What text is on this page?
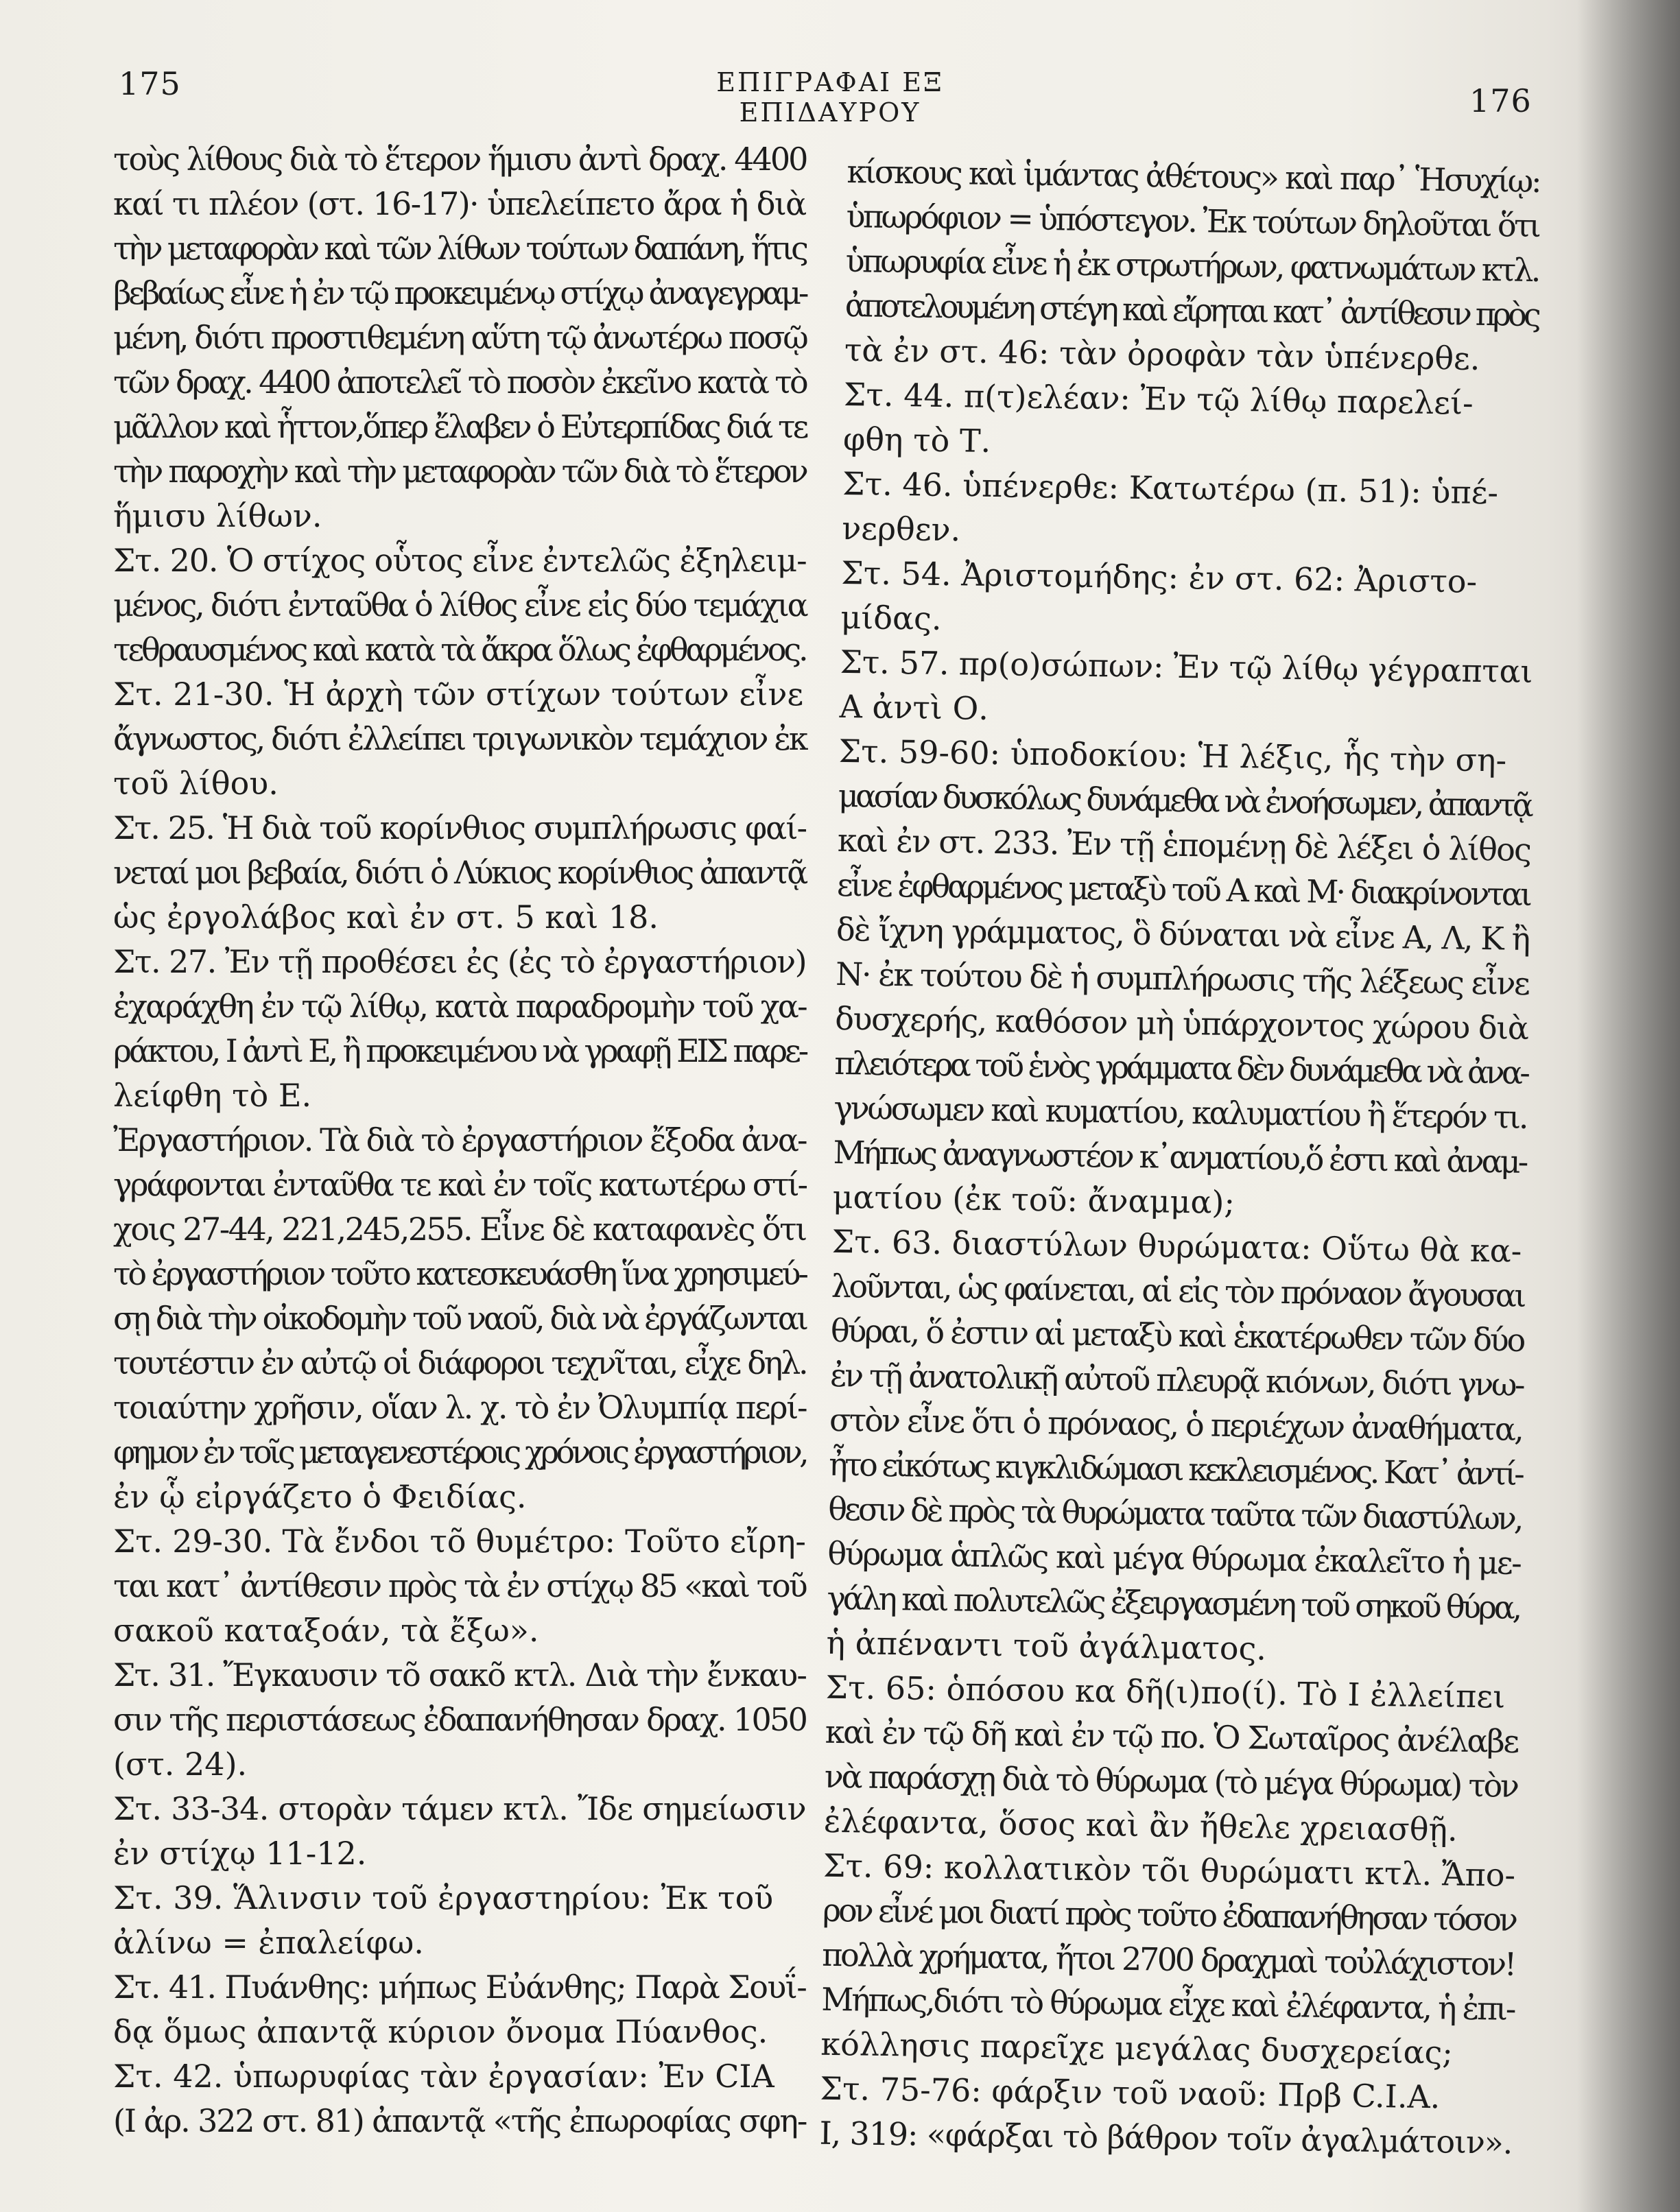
175	ΕΠΙΓΡΑΦΑΙ ΕΞ ΕΠΙΔΑΥΡΟΥ	176
τοὺς λίθους διὰ τὸ ἕτερον ἥμισυ ἀντὶ δραχ. 4400
καί τι πλέον (στ. 16-17)· ὑπελείπετο ἄρα ἡ διὰ
τὴν μεταφορὰν καὶ τῶν λίθων τούτων δαπάνη, ἥτις
βεβαίως εἶνε ἡ ἐν τῷ προκειμένῳ στίχῳ ἀναγεγραμ-
μένη, διότι προστιθεμένη αὕτη τῷ ἀνωτέρω ποσῷ
τῶν δραχ. 4400 ἀποτελεῖ τὸ ποσὸν ἐκεῖνο κατὰ τὸ
μᾶλλον καὶ ἧττον,ὅπερ ἔλαβεν ὁ Εὐτερπίδας διά τε
τὴν παροχὴν καὶ τὴν μεταφορὰν τῶν διὰ τὸ ἕτερον
ἥμισυ λίθων.
Στ. 20. Ὁ στίχος οὗτος εἶνε ἐντελῶς ἐξηλειμ-
μένος, διότι ἐνταῦθα ὁ λίθος εἶνε εἰς δύο τεμάχια
τεθραυσμένος καὶ κατὰ τὰ ἄκρα ὅλως ἐφθαρμένος.
Στ. 21-30. Ἡ ἀρχὴ τῶν στίχων τούτων εἶνε
ἄγνωστος, διότι ἐλλείπει τριγωνικὸν τεμάχιον ἐκ
τοῦ λίθου.
Στ. 25. Ἡ διὰ τοῦ κορίνθιος συμπλήρωσις φαί-
νεταί μοι βεβαία, διότι ὁ Λύκιος κορίνθιος ἀπαντᾷ
ὡς ἐργολάβος καὶ ἐν στ. 5 καὶ 18.
Στ. 27. Ἐν τῇ προθέσει ἐς (ἐς τὸ ἐργαστήριον)
ἐχαράχθη ἐν τῷ λίθῳ, κατὰ παραδρομὴν τοῦ χα-
ράκτου, Ι ἀντὶ Ε, ἢ προκειμένου νὰ γραφῇ ΕΙΣ παρε-
λείφθη τὸ Ε.
Ἐργαστήριον. Τὰ διὰ τὸ ἐργαστήριον ἔξοδα ἀνα-
γράφονται ἐνταῦθα τε καὶ ἐν τοῖς κατωτέρω στί-
χοις 27-44, 221,245,255. Εἶνε δὲ καταφανὲς ὅτι
τὸ ἐργαστήριον τοῦτο κατεσκευάσθη ἵνα χρησιμεύ-
σῃ διὰ τὴν οἰκοδομὴν τοῦ ναοῦ, διὰ νὰ ἐργάζωνται
τουτέστιν ἐν αὐτῷ οἱ διάφοροι τεχνῖται, εἶχε δηλ.
τοιαύτην χρῆσιν, οἵαν λ. χ. τὸ ἐν Ὀλυμπίᾳ περί-
φημον ἐν τοῖς μεταγενεστέροις χρόνοις ἐργαστήριον,
ἐν ᾧ εἰργάζετο ὁ Φειδίας.
Στ. 29-30. Τὰ ἔνδοι τõ θυμέτρο: Τοῦτο εἴρη-
ται κατ᾽ ἀντίθεσιν πρὸς τὰ ἐν στίχῳ 85 «καὶ τοῦ
σακοῦ καταξοάν, τὰ ἔξω».
Στ. 31. Ἔγκαυσιν τõ σακõ κτλ. Διὰ τὴν ἔνκαυ-
σιν τῆς περιστάσεως ἐδαπανήθησαν δραχ. 1050
(στ. 24).
Στ. 33-34. στορὰν τάμεν κτλ. Ἴδε σημείωσιν
ἐν στίχῳ 11-12.
Στ. 39. Ἅλινσιν τοῦ ἐργαστηρίου: Ἐκ τοῦ
ἀλίνω = ἐπαλείφω.
Στ. 41. Πυάνθης: μήπως Εὐάνθης; Παρὰ Σουΐ-
δᾳ ὅμως ἀπαντᾷ κύριον ὄνομα Πύανθος.
Στ. 42. ὑπωρυφίας τὰν ἐργασίαν: Ἐν CIA
(I ἀρ. 322 στ. 81) ἀπαντᾷ «τῆς ἐπωροφίας σφη-
κίσκους καὶ ἱμάντας ἀθέτους» καὶ παρ᾽ Ἡσυχίῳ:
ὑπωρόφιον = ὑπόστεγον. Ἐκ τούτων δηλοῦται ὅτι
ὑπωρυφία εἶνε ἡ ἐκ στρωτήρων, φατνωμάτων κτλ.
ἀποτελουμένη στέγη καὶ εἴρηται κατ᾽ ἀντίθεσιν πρὸς
τὰ ἐν στ. 46: τὰν ὀροφὰν τὰν ὑπένερθε.
Στ. 44. π(τ)ελέαν: Ἐν τῷ λίθῳ παρελεί-
φθη τὸ Τ.
Στ. 46. ὑπένερθε: Κατωτέρω (π. 51): ὑπέ-
νερθεν.
Στ. 54. Ἀριστομήδης: ἐν στ. 62: Ἀριστο-
μίδας.
Στ. 57. πρ(ο)σώπων: Ἐν τῷ λίθῳ γέγραπται
Α ἀντὶ Ο.
Στ. 59-60: ὑποδοκίου: Ἡ λέξις, ἧς τὴν ση-
μασίαν δυσκόλως δυνάμεθα νὰ ἐνοήσωμεν, ἀπαντᾷ
καὶ ἐν στ. 233. Ἐν τῇ ἑπομένῃ δὲ λέξει ὁ λίθος
εἶνε ἐφθαρμένος μεταξὺ τοῦ Α καὶ Μ· διακρίνονται
δὲ ἴχνη γράμματος, ὃ δύναται νὰ εἶνε Α, Λ, Κ ἢ
Ν· ἐκ τούτου δὲ ἡ συμπλήρωσις τῆς λέξεως εἶνε
δυσχερής, καθόσον μὴ ὑπάρχοντος χώρου διὰ
πλειότερα τοῦ ἑνὸς γράμματα δὲν δυνάμεθα νὰ ἀνα-
γνώσωμεν καὶ κυματίου, καλυματίου ἢ ἕτερόν τι.
Μήπως ἀναγνωστέον κ᾽ανματίου,ὅ ἐστι καὶ ἀναμ-
ματίου (ἐκ τοῦ: ἄναμμα);
Στ. 63. διαστύλων θυρώματα: Οὕτω θὰ κα-
λοῦνται, ὡς φαίνεται, αἱ εἰς τὸν πρόναον ἄγουσαι
θύραι, ὅ ἐστιν αἱ μεταξὺ καὶ ἑκατέρωθεν τῶν δύο
ἐν τῇ ἀνατολικῇ αὐτοῦ πλευρᾷ κιόνων, διότι γνω-
στὸν εἶνε ὅτι ὁ πρόναος, ὁ περιέχων ἀναθήματα,
ἦτο εἰκότως κιγκλιδώμασι κεκλεισμένος. Κατ᾽ ἀντί-
θεσιν δὲ πρὸς τὰ θυρώματα ταῦτα τῶν διαστύλων,
θύρωμα ἁπλῶς καὶ μέγα θύρωμα ἐκαλεῖτο ἡ με-
γάλη καὶ πολυτελῶς ἐξειργασμένη τοῦ σηκοῦ θύρα,
ἡ ἀπέναντι τοῦ ἀγάλματος.
Στ. 65: ὁπόσου κα δῆ(ι)πο(ί). Τὸ Ι ἐλλείπει
καὶ ἐν τῷ δῆ καὶ ἐν τῷ πο. Ὁ Σωταῖρος ἀνέλαβε
νὰ παράσχῃ διὰ τὸ θύρωμα (τὸ μέγα θύρωμα) τὸν
ἐλέφαντα, ὅσος καὶ ἂν ἤθελε χρειασθῇ.
Στ. 69: κολλατικὸν τõι θυρώματι κτλ. Ἄπο-
ρον εἶνέ μοι διατί πρὸς τοῦτο ἐδαπανήθησαν τόσον
πολλὰ χρήματα, ἤτοι 2700 δραχμαὶ τοὐλάχιστον!
Μήπως,διότι τὸ θύρωμα εἶχε καὶ ἐλέφαντα, ἡ ἐπι-
κόλλησις παρεῖχε μεγάλας δυσχερείας;
Στ. 75-76: φάρξιν τοῦ ναοῦ: Πρβ C.I.A.
I, 319: «φάρξαι τὸ βάθρον τοῖν ἀγαλμάτοιν».
